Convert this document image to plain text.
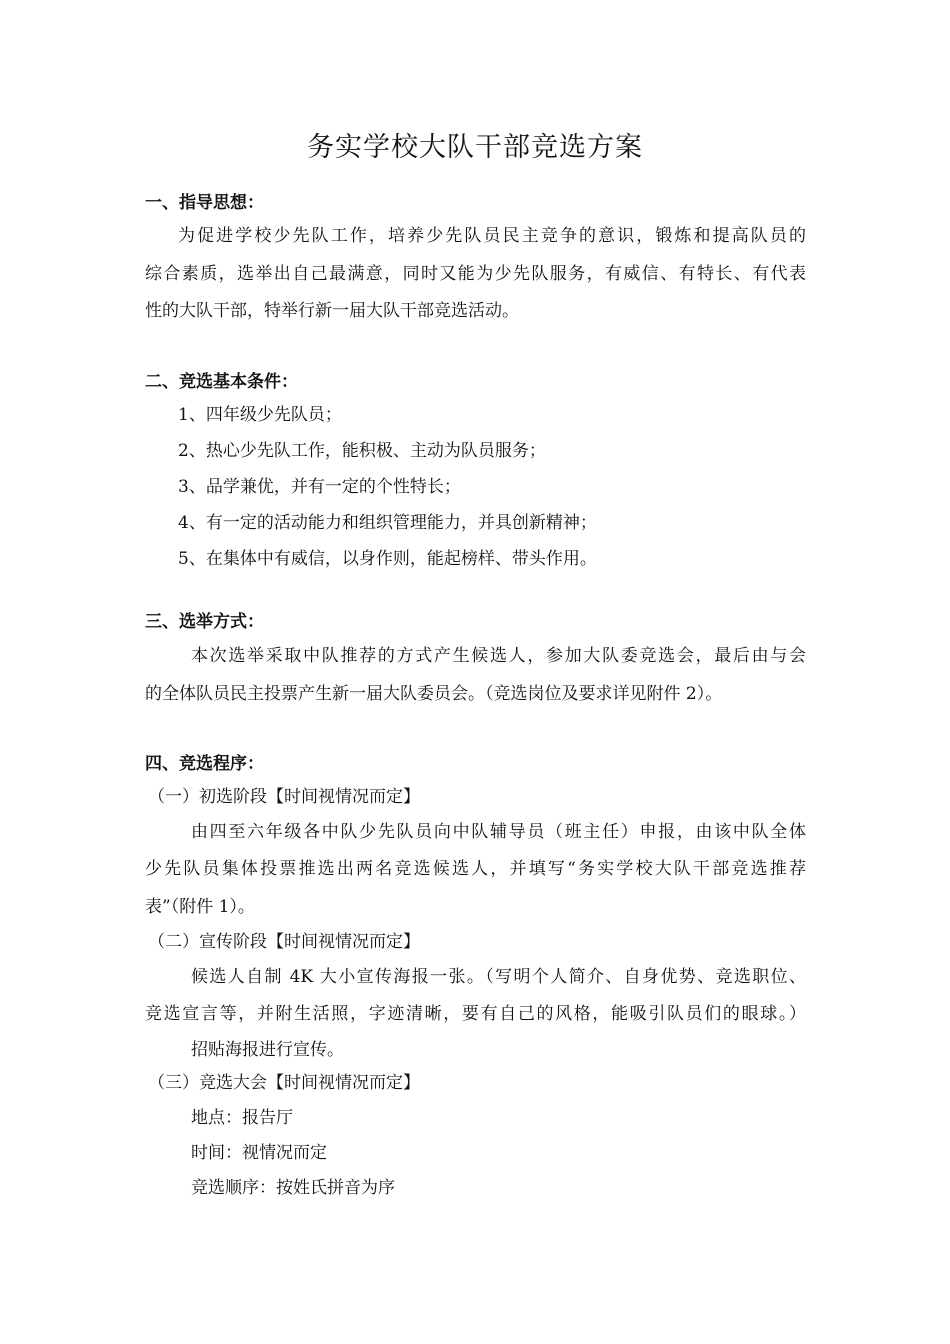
务实学校大队干部竞选方案
一、指导思想：
为促进学校少先队工作，培养少先队员民主竞争的意识，锻炼和提高队员的
综合素质，选举出自己最满意，同时又能为少先队服务，有威信、有特长、有代表
性的大队干部，特举行新一届大队干部竞选活动。
二、竞选基本条件：
1、四年级少先队员；
2、热心少先队工作，能积极、主动为队员服务；
3、品学兼优，并有一定的个性特长；
4、有一定的活动能力和组织管理能力，并具创新精神；
5、在集体中有威信，以身作则，能起榜样、带头作用。
三、选举方式：
本次选举采取中队推荐的方式产生候选人，参加大队委竞选会，最后由与会
的全体队员民主投票产生新一届大队委员会。（竞选岗位及要求详见附件 2）。
四、竞选程序：
（一）初选阶段【时间视情况而定】
由四至六年级各中队少先队员向中队辅导员（班主任）申报，由该中队全体
少先队员集体投票推选出两名竞选候选人，并填写“务实学校大队干部竞选推荐
表”（附件 1）。
（二）宣传阶段【时间视情况而定】
候选人自制 4K 大小宣传海报一张。（写明个人简介、自身优势、竞选职位、
竞选宣言等，并附生活照，字迹清晰，要有自己的风格，能吸引队员们的眼球。）
招贴海报进行宣传。
（三）竞选大会【时间视情况而定】
地点：报告厅
时间：视情况而定
竞选顺序：按姓氏拼音为序
